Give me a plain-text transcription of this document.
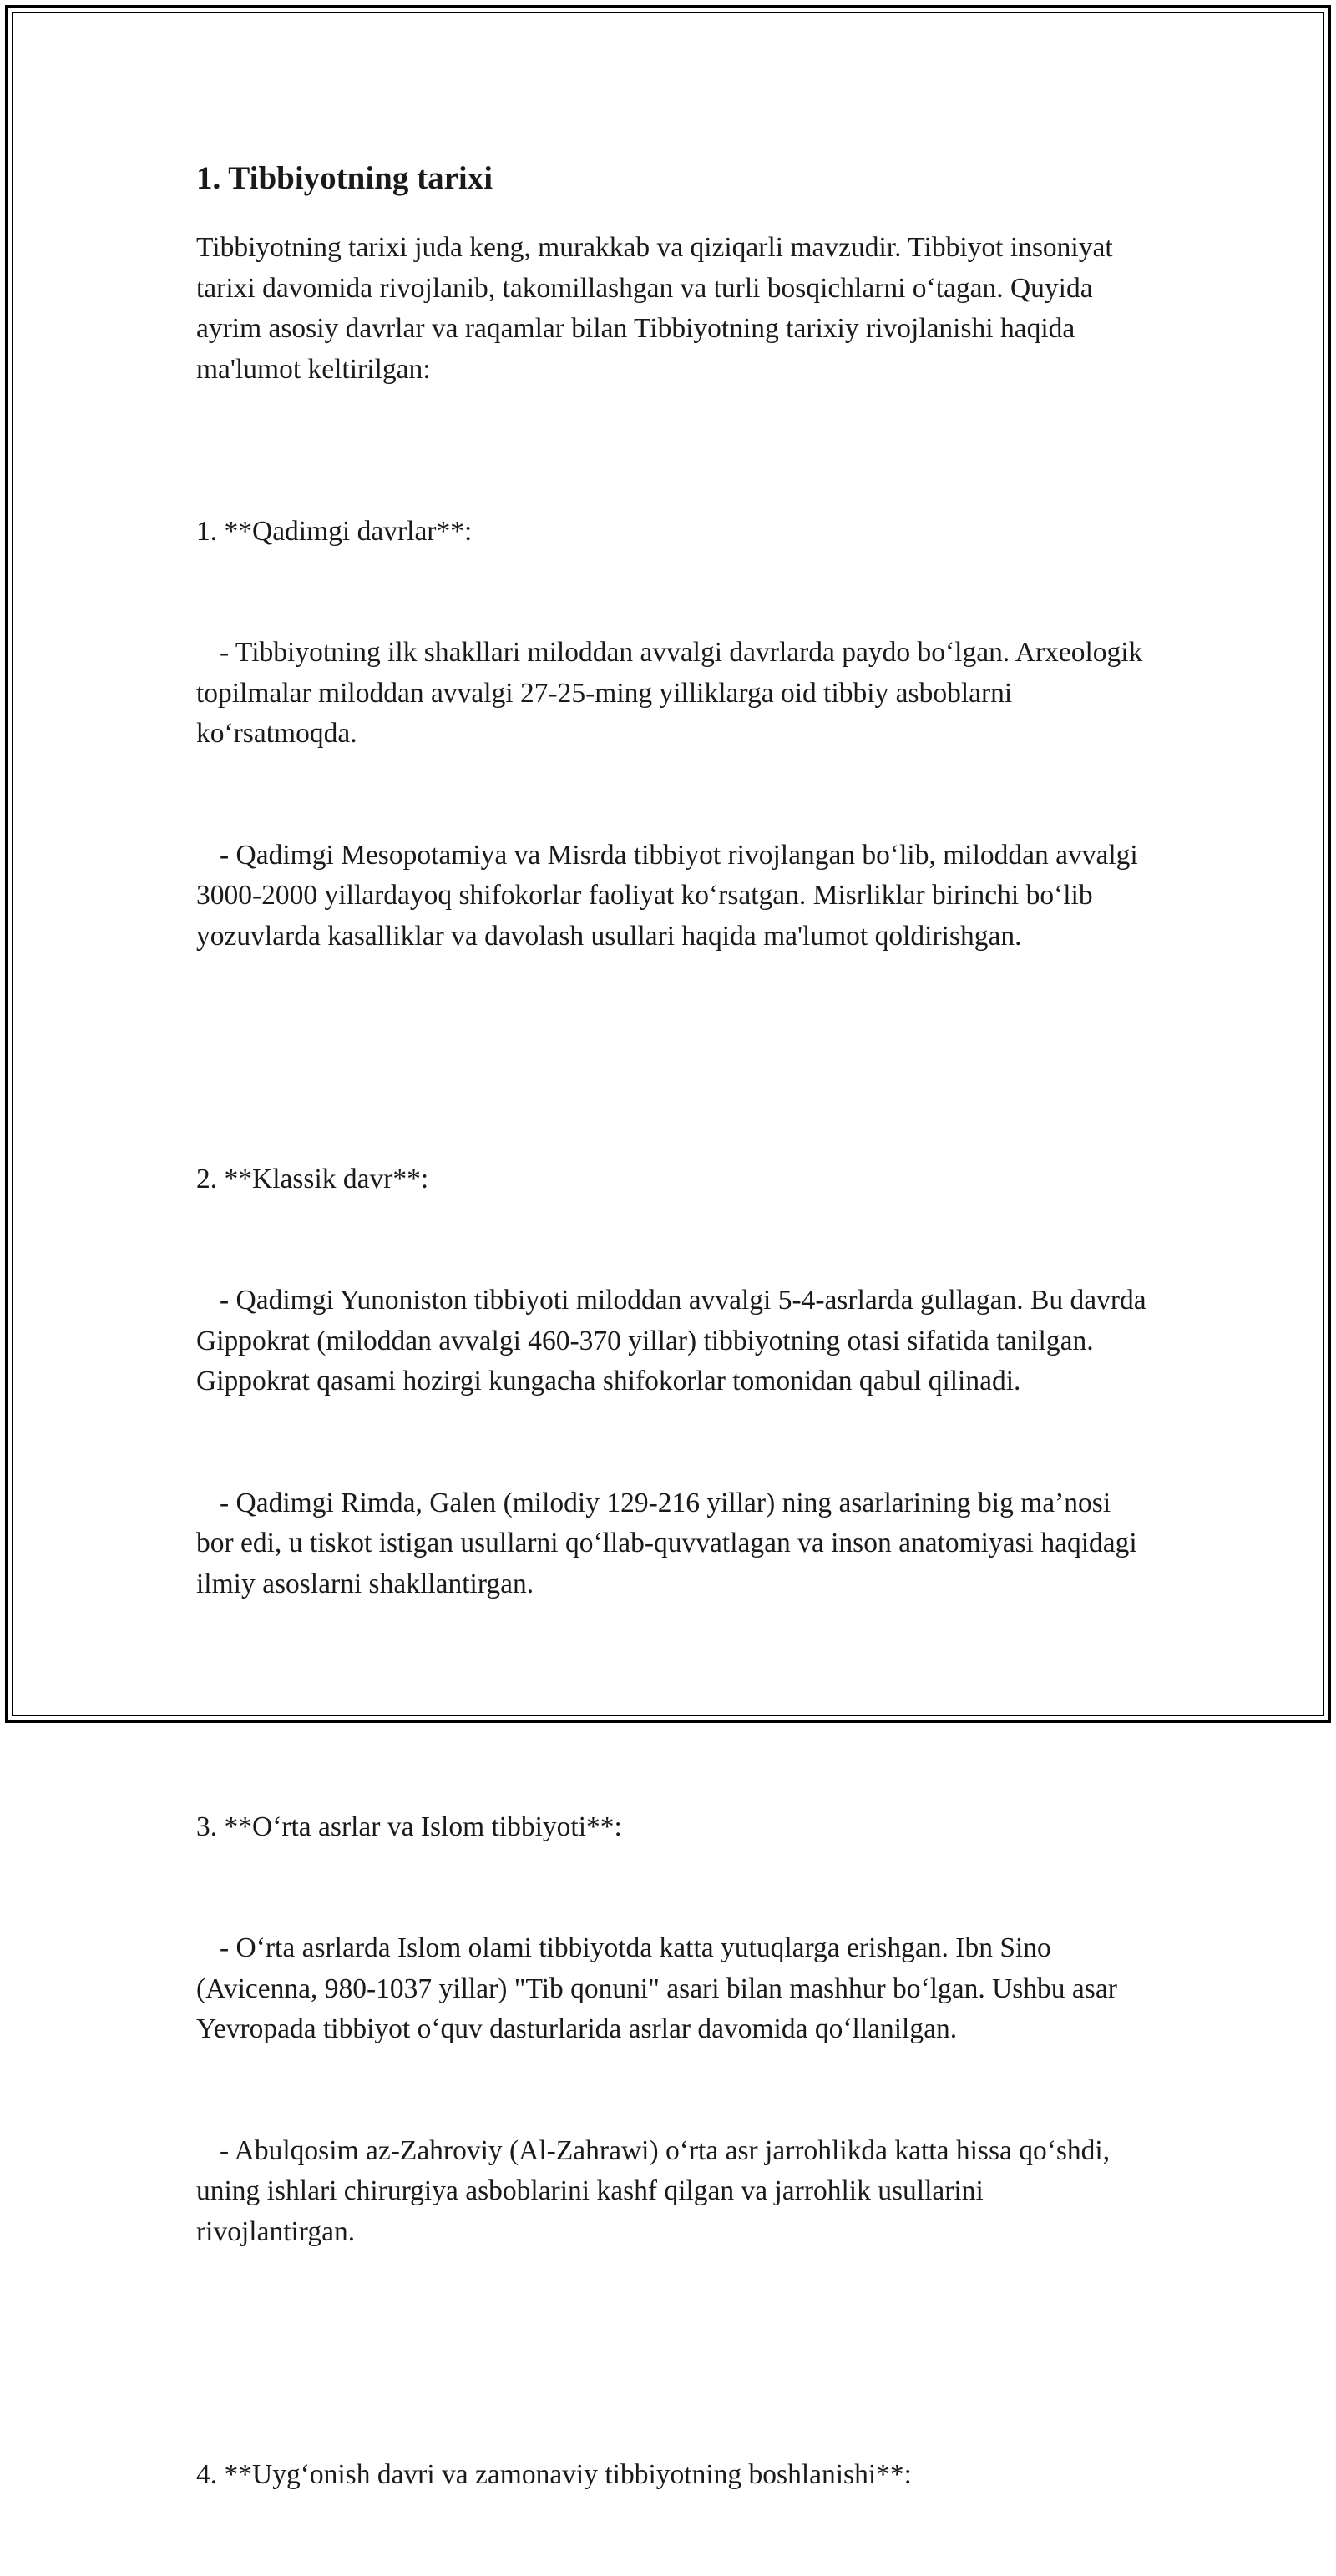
1. Tibbiyotning tarixi

Tibbiyotning tarixi juda keng, murakkab va qiziqarli mavzudir. Tibbiyot insoniyat tarixi davomida rivojlanib, takomillashgan va turli bosqichlarni o‘tagan. Quyida ayrim asosiy davrlar va raqamlar bilan Tibbiyotning tarixiy rivojlanishi haqida ma'lumot keltirilgan:

1. **Qadimgi davrlar**:

- Tibbiyotning ilk shakllari miloddan avvalgi davrlarda paydo bo‘lgan. Arxeologik topilmalar miloddan avvalgi 27-25-ming yilliklarga oid tibbiy asboblarni ko‘rsatmoqda.

- Qadimgi Mesopotamiya va Misrda tibbiyot rivojlangan bo‘lib, miloddan avvalgi 3000-2000 yillardayoq shifokorlar faoliyat ko‘rsatgan. Misrliklar birinchi bo‘lib yozuvlarda kasalliklar va davolash usullari haqida ma'lumot qoldirishgan.

2. **Klassik davr**:

- Qadimgi Yunoniston tibbiyoti miloddan avvalgi 5-4-asrlarda gullagan. Bu davrda Gippokrat (miloddan avvalgi 460-370 yillar) tibbiyotning otasi sifatida tanilgan. Gippokrat qasami hozirgi kungacha shifokorlar tomonidan qabul qilinadi.

- Qadimgi Rimda, Galen (milodiy 129-216 yillar) ning asarlarining big ma’nosi bor edi, u tiskot istigan usullarni qo‘llab-quvvatlagan va inson anatomiyasi haqidagi ilmiy asoslarni shakllantirgan.

3. **O‘rta asrlar va Islom tibbiyoti**:

- O‘rta asrlarda Islom olami tibbiyotda katta yutuqlarga erishgan. Ibn Sino (Avicenna, 980-1037 yillar) "Tib qonuni" asari bilan mashhur bo‘lgan. Ushbu asar Yevropada tibbiyot o‘quv dasturlarida asrlar davomida qo‘llanilgan.

- Abulqosim az-Zahroviy (Al-Zahrawi) o‘rta asr jarrohlikda katta hissa qo‘shdi, uning ishlari chirurgiya asboblarini kashf qilgan va jarrohlik usullarini rivojlantirgan.

4. **Uyg‘onish davri va zamonaviy tibbiyotning boshlanishi**:
